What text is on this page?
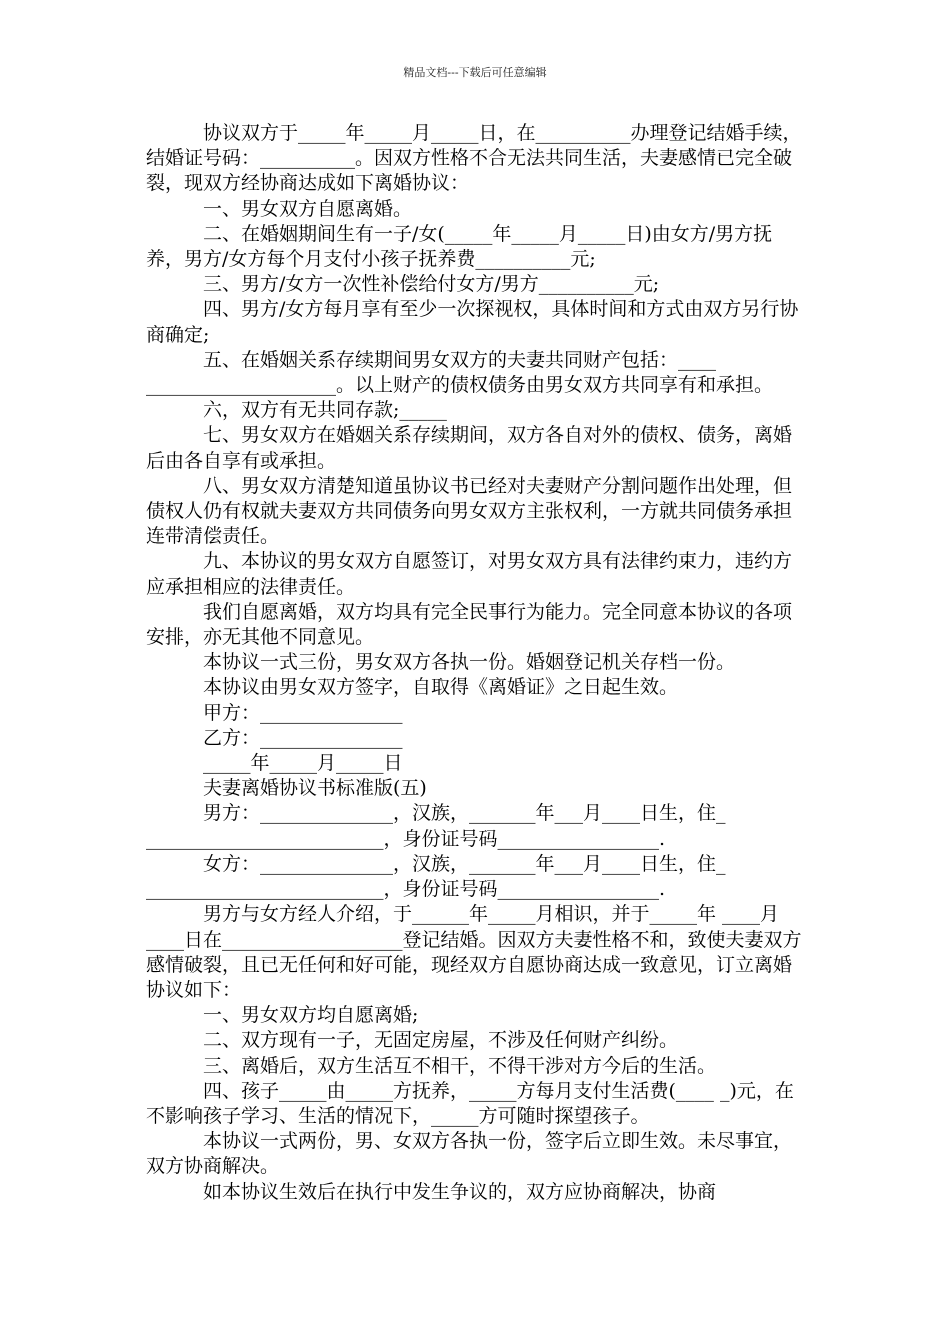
精品文档---下载后可任意编辑

协议双方于_____年_____月_____日，在__________办理登记结婚手续，结婚证号码：__________。因双方性格不合无法共同生活，夫妻感情已完全破裂，现双方经协商达成如下离婚协议：

一、男女双方自愿离婚。

二、在婚姻期间生有一子/女(_____年_____月_____日)由女方/男方抚养，男方/女方每个月支付小孩子抚养费__________元;

三、男方/女方一次性补偿给付女方/男方__________元;

四、男方/女方每月享有至少一次探视权，具体时间和方式由双方另行协商确定;

五、在婚姻关系存续期间男女双方的夫妻共同财产包括：____ ____________________。以上财产的债权债务由男女双方共同享有和承担。

六，双方有无共同存款;_____

七、男女双方在婚姻关系存续期间，双方各自对外的债权、债务，离婚后由各自享有或承担。

八、男女双方清楚知道虽协议书已经对夫妻财产分割问题作出处理，但债权人仍有权就夫妻双方共同债务向男女双方主张权利，一方就共同债务承担连带清偿责任。

九、本协议的男女双方自愿签订，对男女双方具有法律约束力，违约方应承担相应的法律责任。

我们自愿离婚，双方均具有完全民事行为能力。完全同意本协议的各项安排，亦无其他不同意见。

本协议一式三份，男女双方各执一份。婚姻登记机关存档一份。

本协议由男女双方签字，自取得《离婚证》之日起生效。

甲方：_______________

乙方：_______________

_____年_____月_____日

夫妻离婚协议书标准版(五)

男方：______________，汉族，_______年___月____日生，住_ _________________________，身份证号码_________________.

女方：______________，汉族，_______年___月____日生，住_ _________________________，身份证号码_________________.

男方与女方经人介绍，于______年_____月相识，并于_____年 ____月____日在___________________登记结婚。因双方夫妻性格不和，致使夫妻双方感情破裂，且已无任何和好可能，现经双方自愿协商达成一致意见，订立离婚协议如下：

一、男女双方均自愿离婚;

二、双方现有一子，无固定房屋，不涉及任何财产纠纷。

三、离婚后，双方生活互不相干，不得干涉对方今后的生活。

四、孩子_____由_____方抚养，_____方每月支付生活费(____ _)元，在不影响孩子学习、生活的情况下，_____方可随时探望孩子。

本协议一式两份，男、女双方各执一份，签字后立即生效。未尽事宜，双方协商解决。

如本协议生效后在执行中发生争议的，双方应协商解决，协商
